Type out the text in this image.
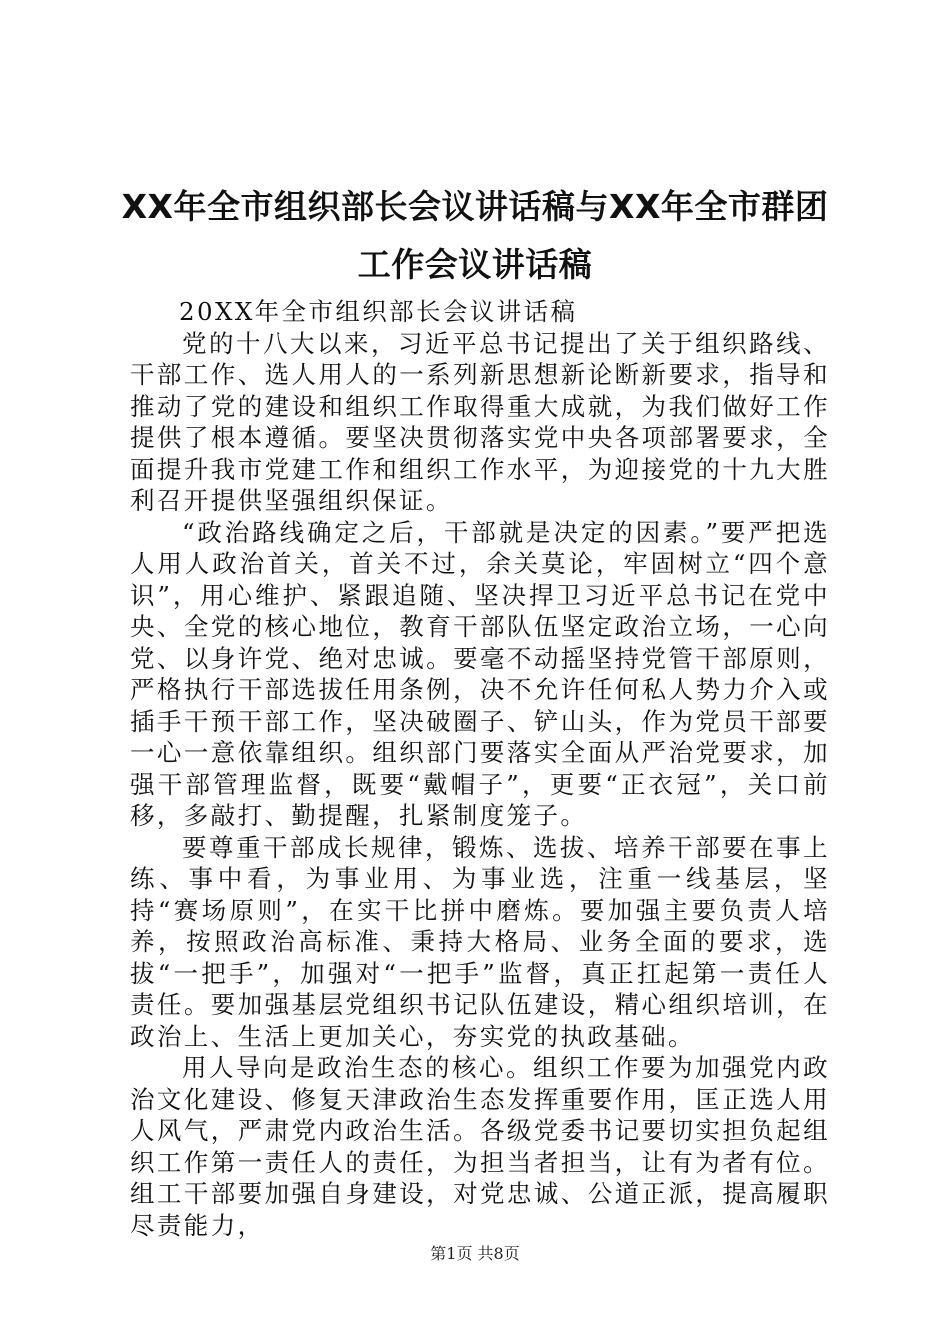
XX年全市组织部长会议讲话稿与XX年全市群团工作会议讲话稿

20XX年全市组织部长会议讲话稿

党的十八大以来，习近平总书记提出了关于组织路线、干部工作、选人用人的一系列新思想新论断新要求，指导和推动了党的建设和组织工作取得重大成就，为我们做好工作提供了根本遵循。要坚决贯彻落实党中央各项部署要求，全面提升我市党建工作和组织工作水平，为迎接党的十九大胜利召开提供坚强组织保证。

“政治路线确定之后，干部就是决定的因素。”要严把选人用人政治首关，首关不过，余关莫论，牢固树立“四个意识”，用心维护、紧跟追随、坚决捍卫习近平总书记在党中央、全党的核心地位，教育干部队伍坚定政治立场，一心向党、以身许党、绝对忠诚。要毫不动摇坚持党管干部原则，严格执行干部选拔任用条例，决不允许任何私人势力介入或插手干预干部工作，坚决破圈子、铲山头，作为党员干部要一心一意依靠组织。组织部门要落实全面从严治党要求，加强干部管理监督，既要“戴帽子”，更要“正衣冠”，关口前移，多敲打、勤提醒，扎紧制度笼子。

要尊重干部成长规律，锻炼、选拔、培养干部要在事上练、事中看，为事业用、为事业选，注重一线基层，坚持“赛场原则”，在实干比拼中磨炼。要加强主要负责人培养，按照政治高标准、秉持大格局、业务全面的要求，选拔“一把手”，加强对“一把手”监督，真正扛起第一责任人责任。要加强基层党组织书记队伍建设，精心组织培训，在政治上、生活上更加关心，夯实党的执政基础。

用人导向是政治生态的核心。组织工作要为加强党内政治文化建设、修复天津政治生态发挥重要作用，匡正选人用人风气，严肃党内政治生活。各级党委书记要切实担负起组织工作第一责任人的责任，为担当者担当，让有为者有位。组工干部要加强自身建设，对党忠诚、公道正派，提高履职尽责能力，

第1页 共8页
